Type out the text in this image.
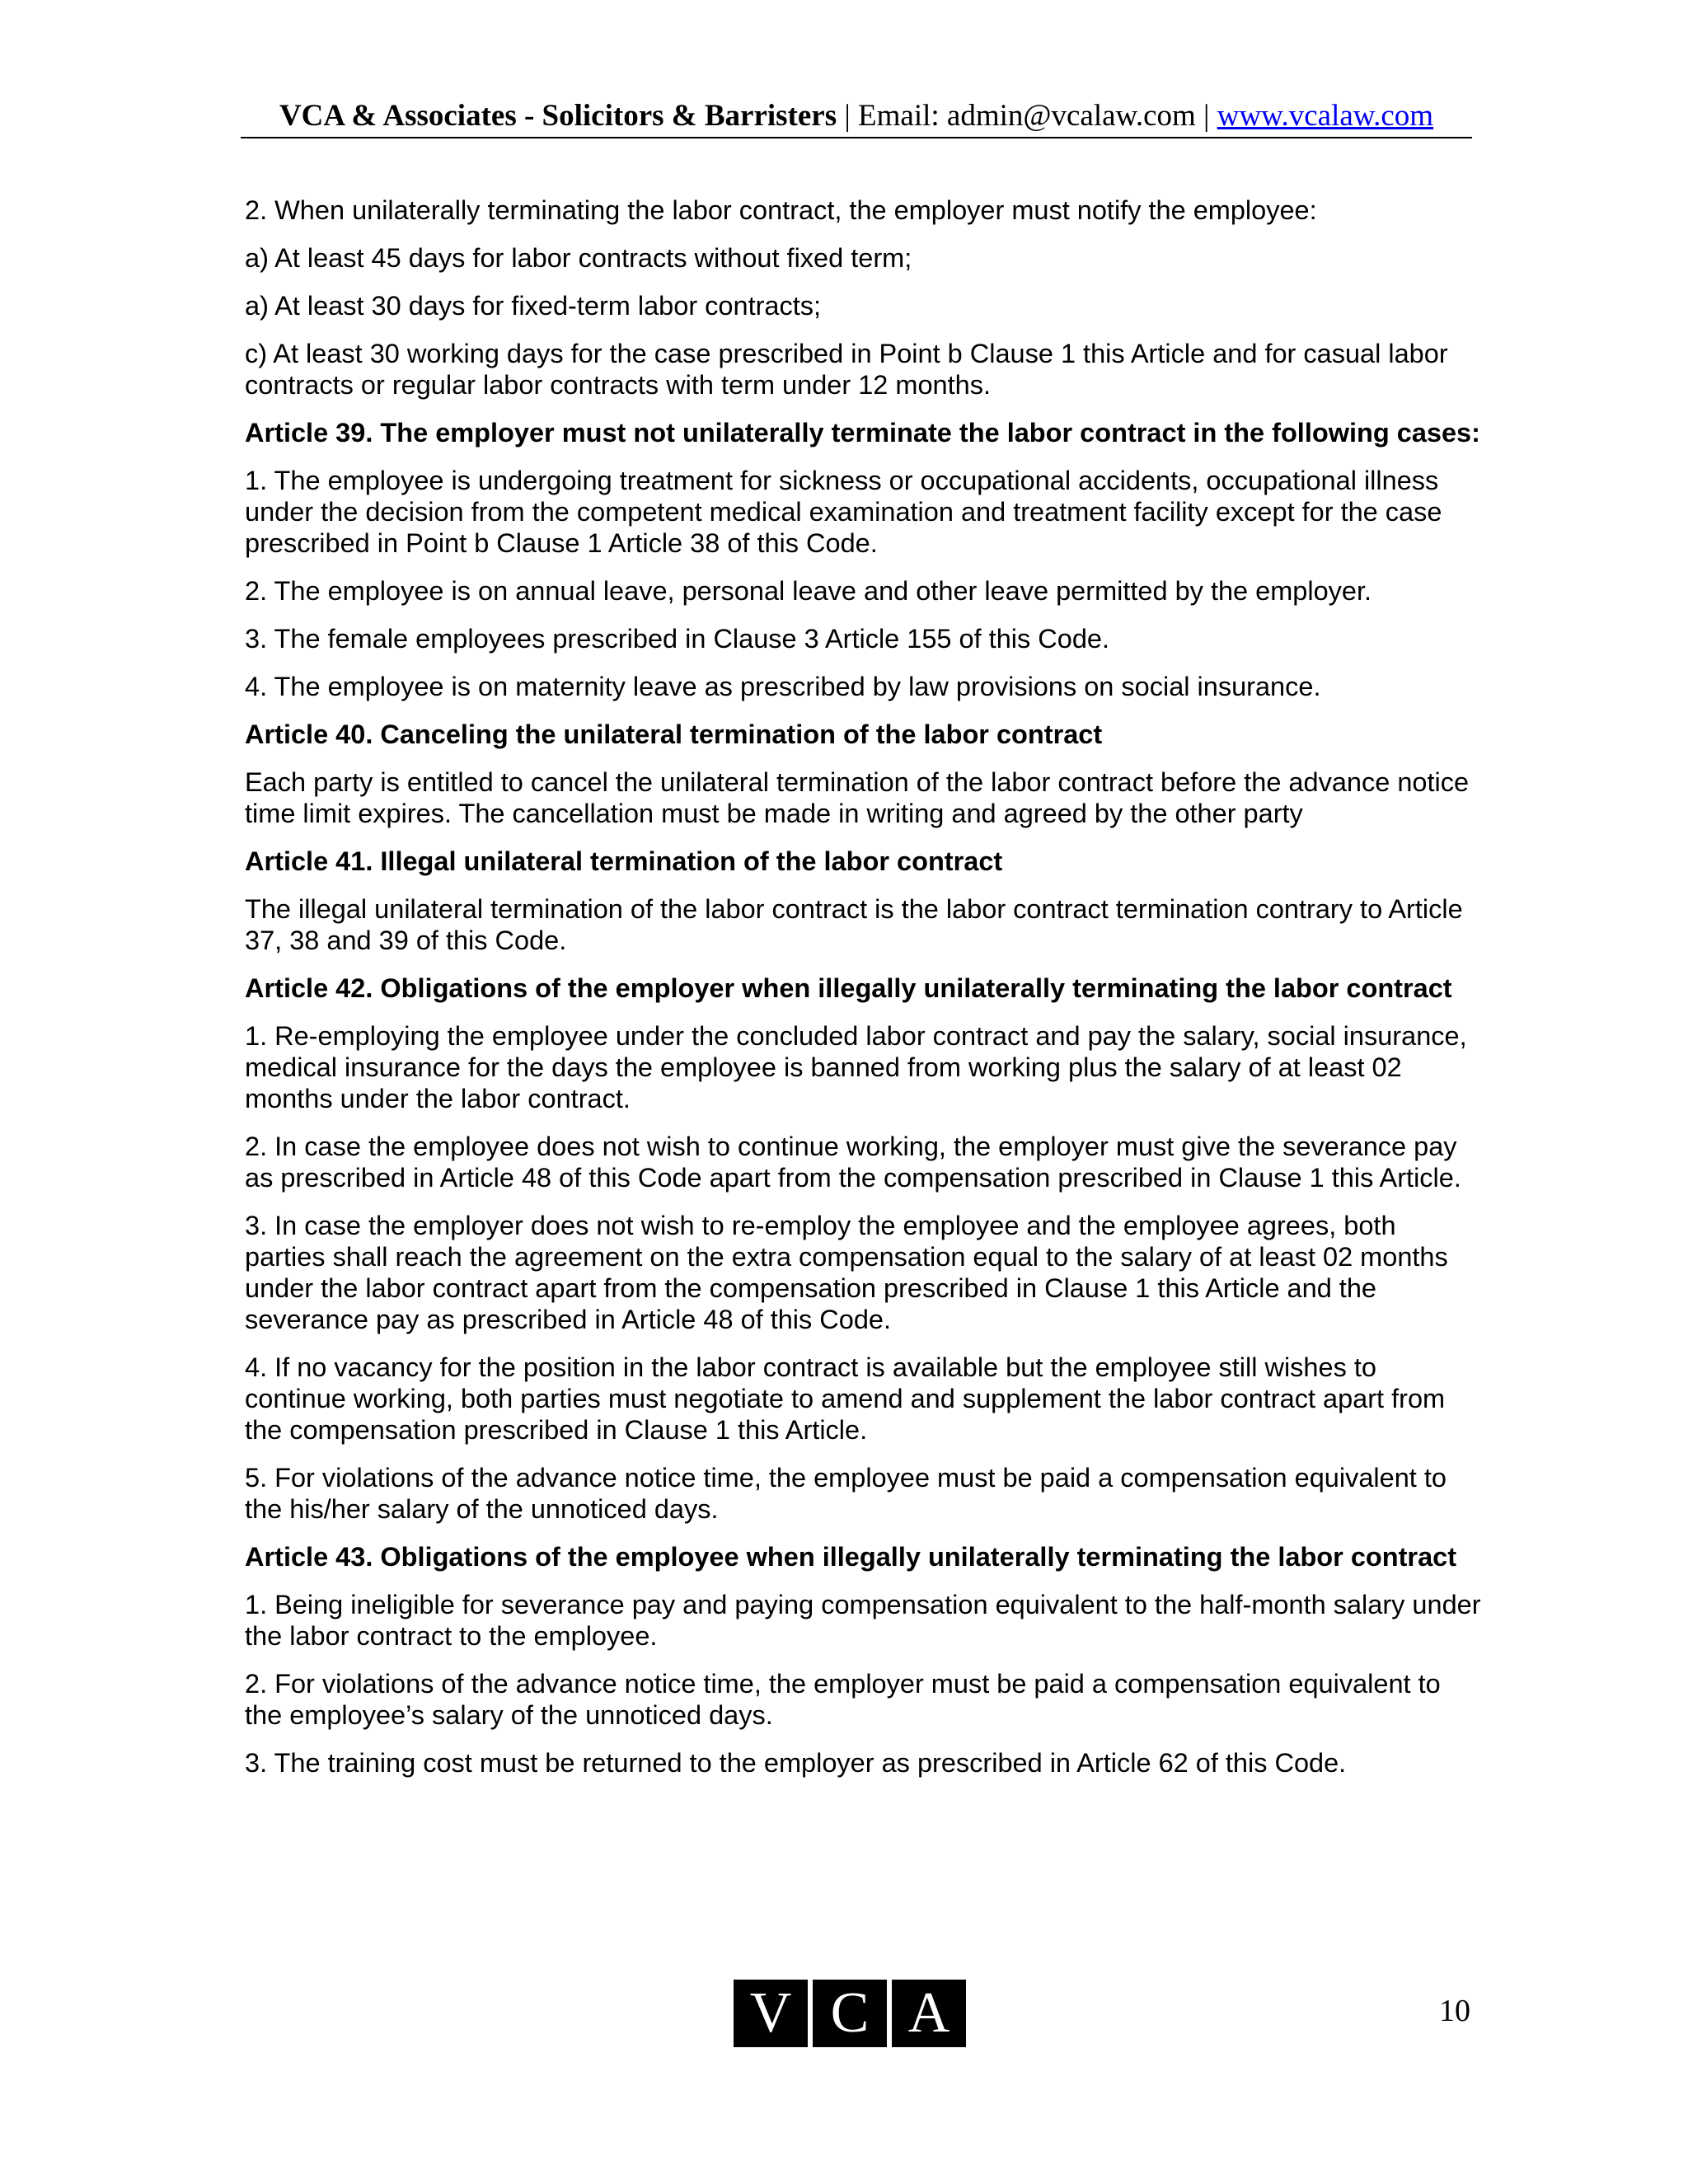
VCA & Associates - Solicitors & Barristers | Email: admin@vcalaw.com | www.vcalaw.com

2. When unilaterally terminating the labor contract, the employer must notify the employee:

a) At least 45 days for labor contracts without fixed term;

a) At least 30 days for fixed-term labor contracts;

c) At least 30 working days for the case prescribed in Point b Clause 1 this Article and for casual labor contracts or regular labor contracts with term under 12 months.

Article 39. The employer must not unilaterally terminate the labor contract in the following cases:

1. The employee is undergoing treatment for sickness or occupational accidents, occupational illness under the decision from the competent medical examination and treatment facility except for the case prescribed in Point b Clause 1 Article 38 of this Code.

2. The employee is on annual leave, personal leave and other leave permitted by the employer.

3. The female employees prescribed in Clause 3 Article 155 of this Code.

4. The employee is on maternity leave as prescribed by law provisions on social insurance.

Article 40. Canceling the unilateral termination of the labor contract

Each party is entitled to cancel the unilateral termination of the labor contract before the advance notice time limit expires. The cancellation must be made in writing and agreed by the other party

Article 41. Illegal unilateral termination of the labor contract

The illegal unilateral termination of the labor contract is the labor contract termination contrary to Article 37, 38 and 39 of this Code.

Article 42. Obligations of the employer when illegally unilaterally terminating the labor contract

1. Re-employing the employee under the concluded labor contract and pay the salary, social insurance, medical insurance for the days the employee is banned from working plus the salary of at least 02 months under the labor contract.

2. In case the employee does not wish to continue working, the employer must give the severance pay as prescribed in Article 48 of this Code apart from the compensation prescribed in Clause 1 this Article.

3. In case the employer does not wish to re-employ the employee and the employee agrees, both parties shall reach the agreement on the extra compensation equal to the salary of at least 02 months under the labor contract apart from the compensation prescribed in Clause 1 this Article and the severance pay as prescribed in Article 48 of this Code.

4. If no vacancy for the position in the labor contract is available but the employee still wishes to continue working, both parties must negotiate to amend and supplement the labor contract apart from the compensation prescribed in Clause 1 this Article.

5. For violations of the advance notice time, the employee must be paid a compensation equivalent to the his/her salary of the unnoticed days.

Article 43. Obligations of the employee when illegally unilaterally terminating the labor contract

1. Being ineligible for severance pay and paying compensation equivalent to the half-month salary under the labor contract to the employee.

2. For violations of the advance notice time, the employer must be paid a compensation equivalent to the employee’s salary of the unnoticed days.

3. The training cost must be returned to the employer as prescribed in Article 62 of this Code.

V C A	10
